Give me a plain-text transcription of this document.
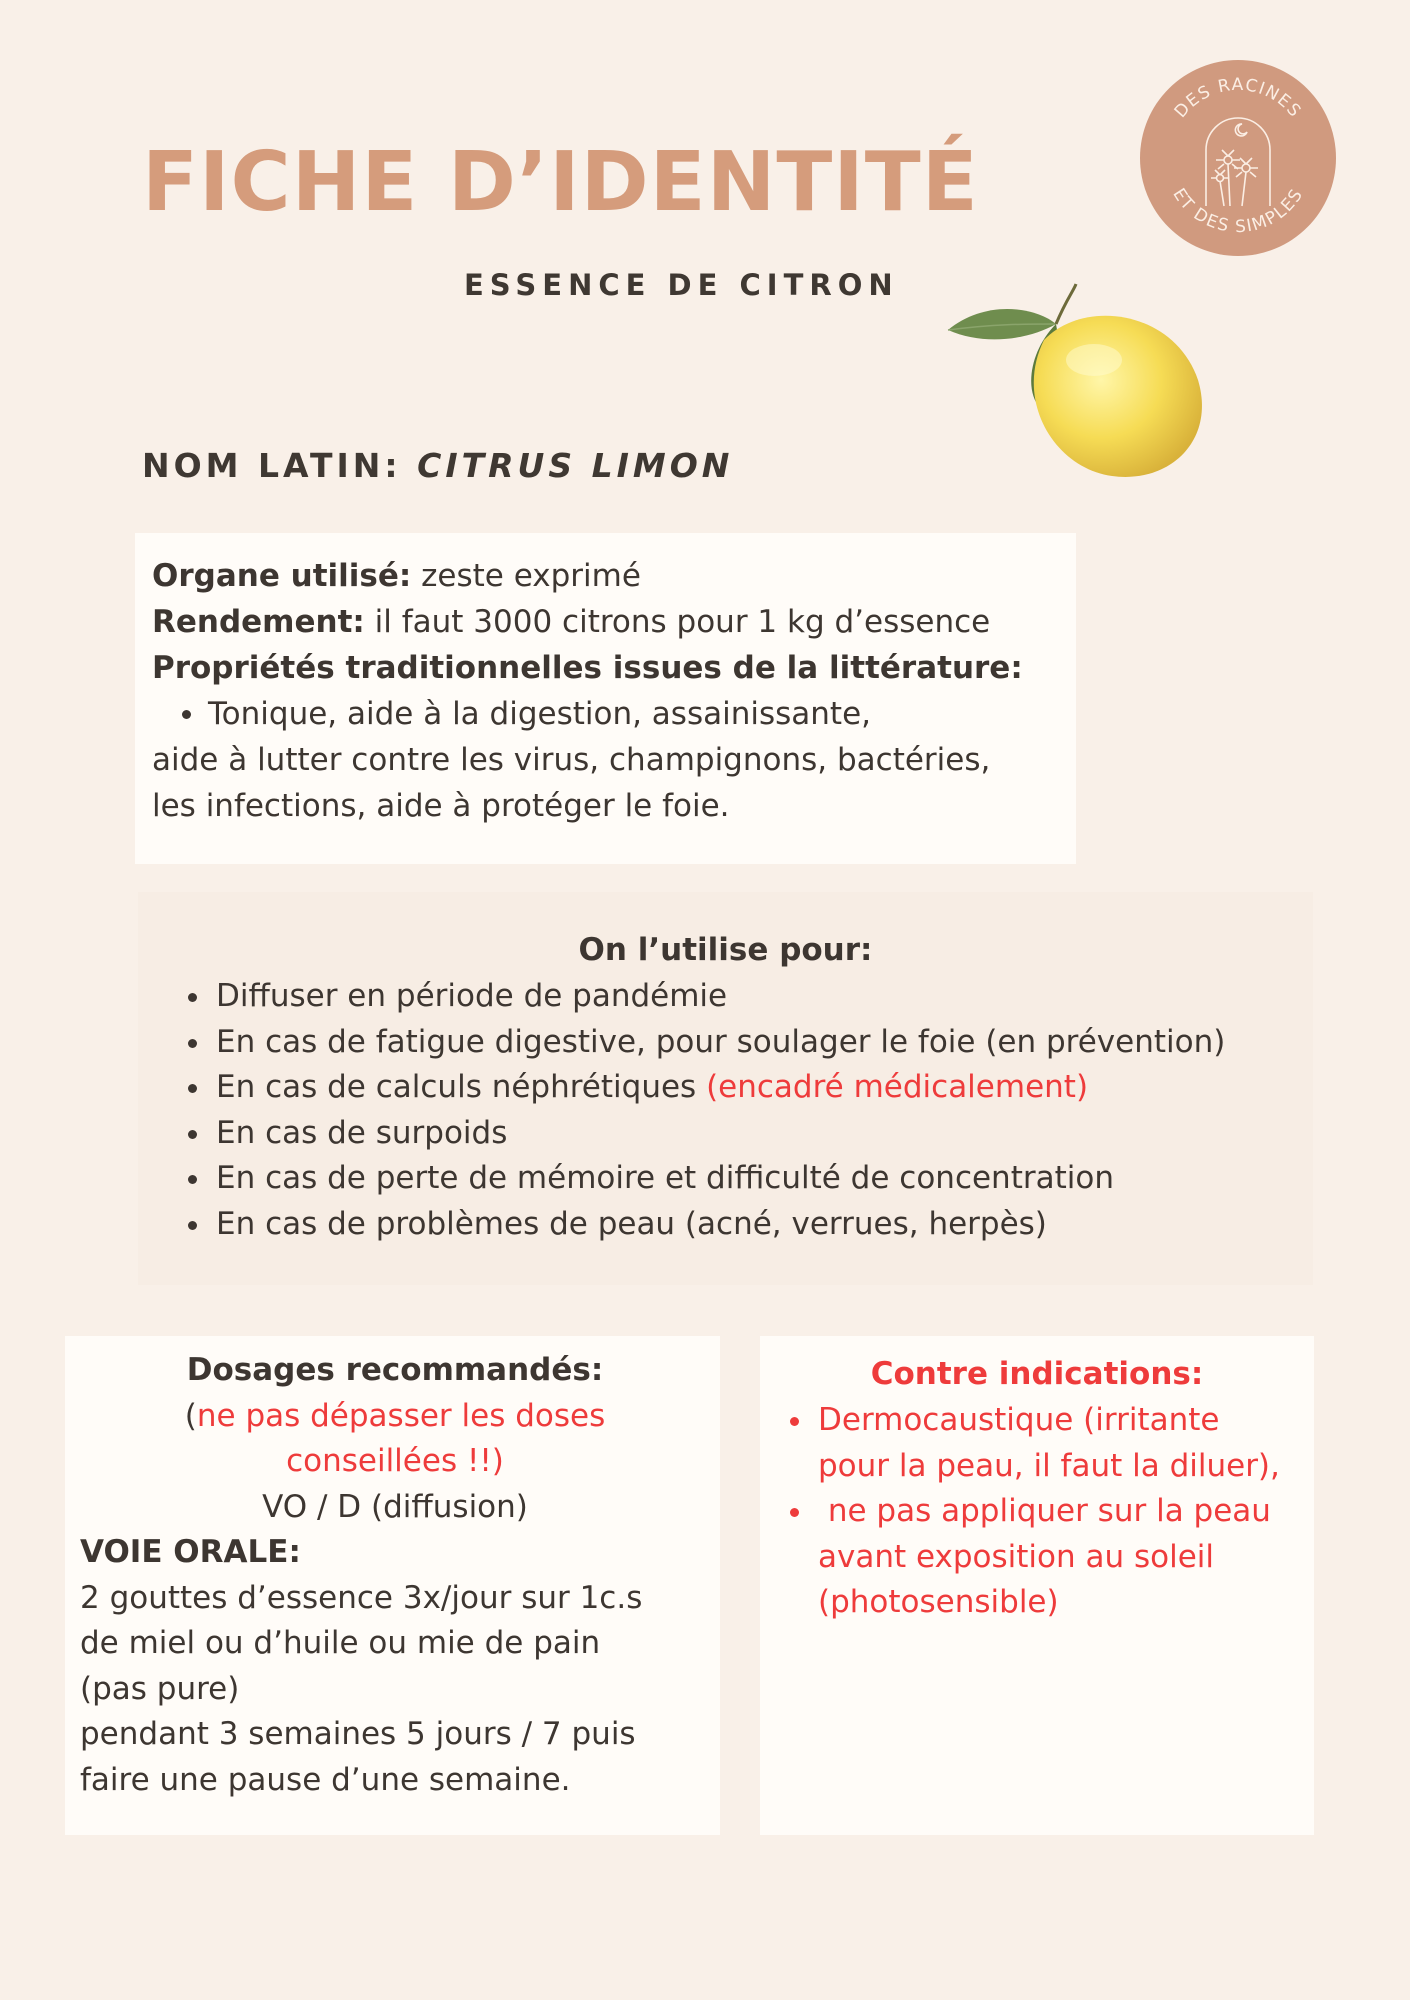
FICHE D’IDENTITÉ
ESSENCE DE CITRON
NOM LATIN: CITRUS LIMON
DES RACINES
ET DES SIMPLES
Organe utilisé: zeste exprimé
Rendement: il faut 3000 citrons pour 1 kg d’essence
Propriétés traditionnelles issues de la littérature:
Tonique, aide à la digestion, assainissante,
aide à lutter contre les virus, champignons, bactéries,
les infections, aide à protéger le foie.
On l’utilise pour:
Diffuser en période de pandémie
En cas de fatigue digestive, pour soulager le foie (en prévention)
En cas de calculs néphrétiques (encadré médicalement)
En cas de surpoids
En cas de perte de mémoire et difficulté de concentration
En cas de problèmes de peau (acné, verrues, herpès)
Dosages recommandés:
(ne pas dépasser les doses
conseillées !!)
VO / D (diffusion)
VOIE ORALE:
2 gouttes d’essence 3x/jour sur 1c.s
de miel ou d’huile ou mie de pain
(pas pure)
pendant 3 semaines 5 jours / 7 puis
faire une pause d’une semaine.
Contre indications:
Dermocaustique (irritante pour la peau, il faut la diluer),
ne pas appliquer sur la peau avant exposition au soleil (photosensible)
